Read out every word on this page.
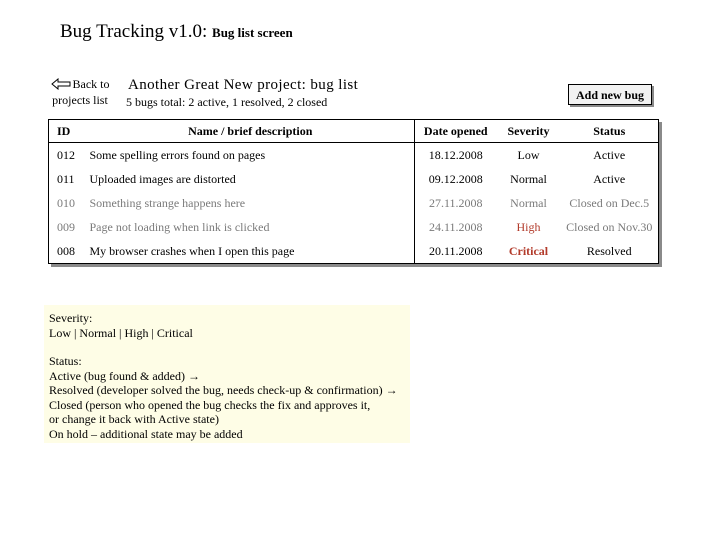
Bug Tracking v1.0: Bug list screen
Back to
projects list
Another Great New project: bug list
5 bugs total: 2 active, 1 resolved, 2 closed	Add new bug
ID	Name / brief description	Date opened	Severity	Status
012	Some spelling errors found on pages	18.12.2008	Low	Active
011	Uploaded images are distorted	09.12.2008	Normal	Active
010	Something strange happens here	27.11.2008	Normal	Closed on Dec.5
009	Page not loading when link is clicked	24.11.2008	High	Closed on Nov.30
008	My browser crashes when I open this page	20.11.2008	Critical	Resolved
Severity:
Low | Normal | High | Critical
Status:
Active (bug found & added) →
Resolved (developer solved the bug, needs check-up & confirmation) →
Closed (person who opened the bug checks the fix and approves it,
or change it back with Active state)
On hold – additional state may be added
